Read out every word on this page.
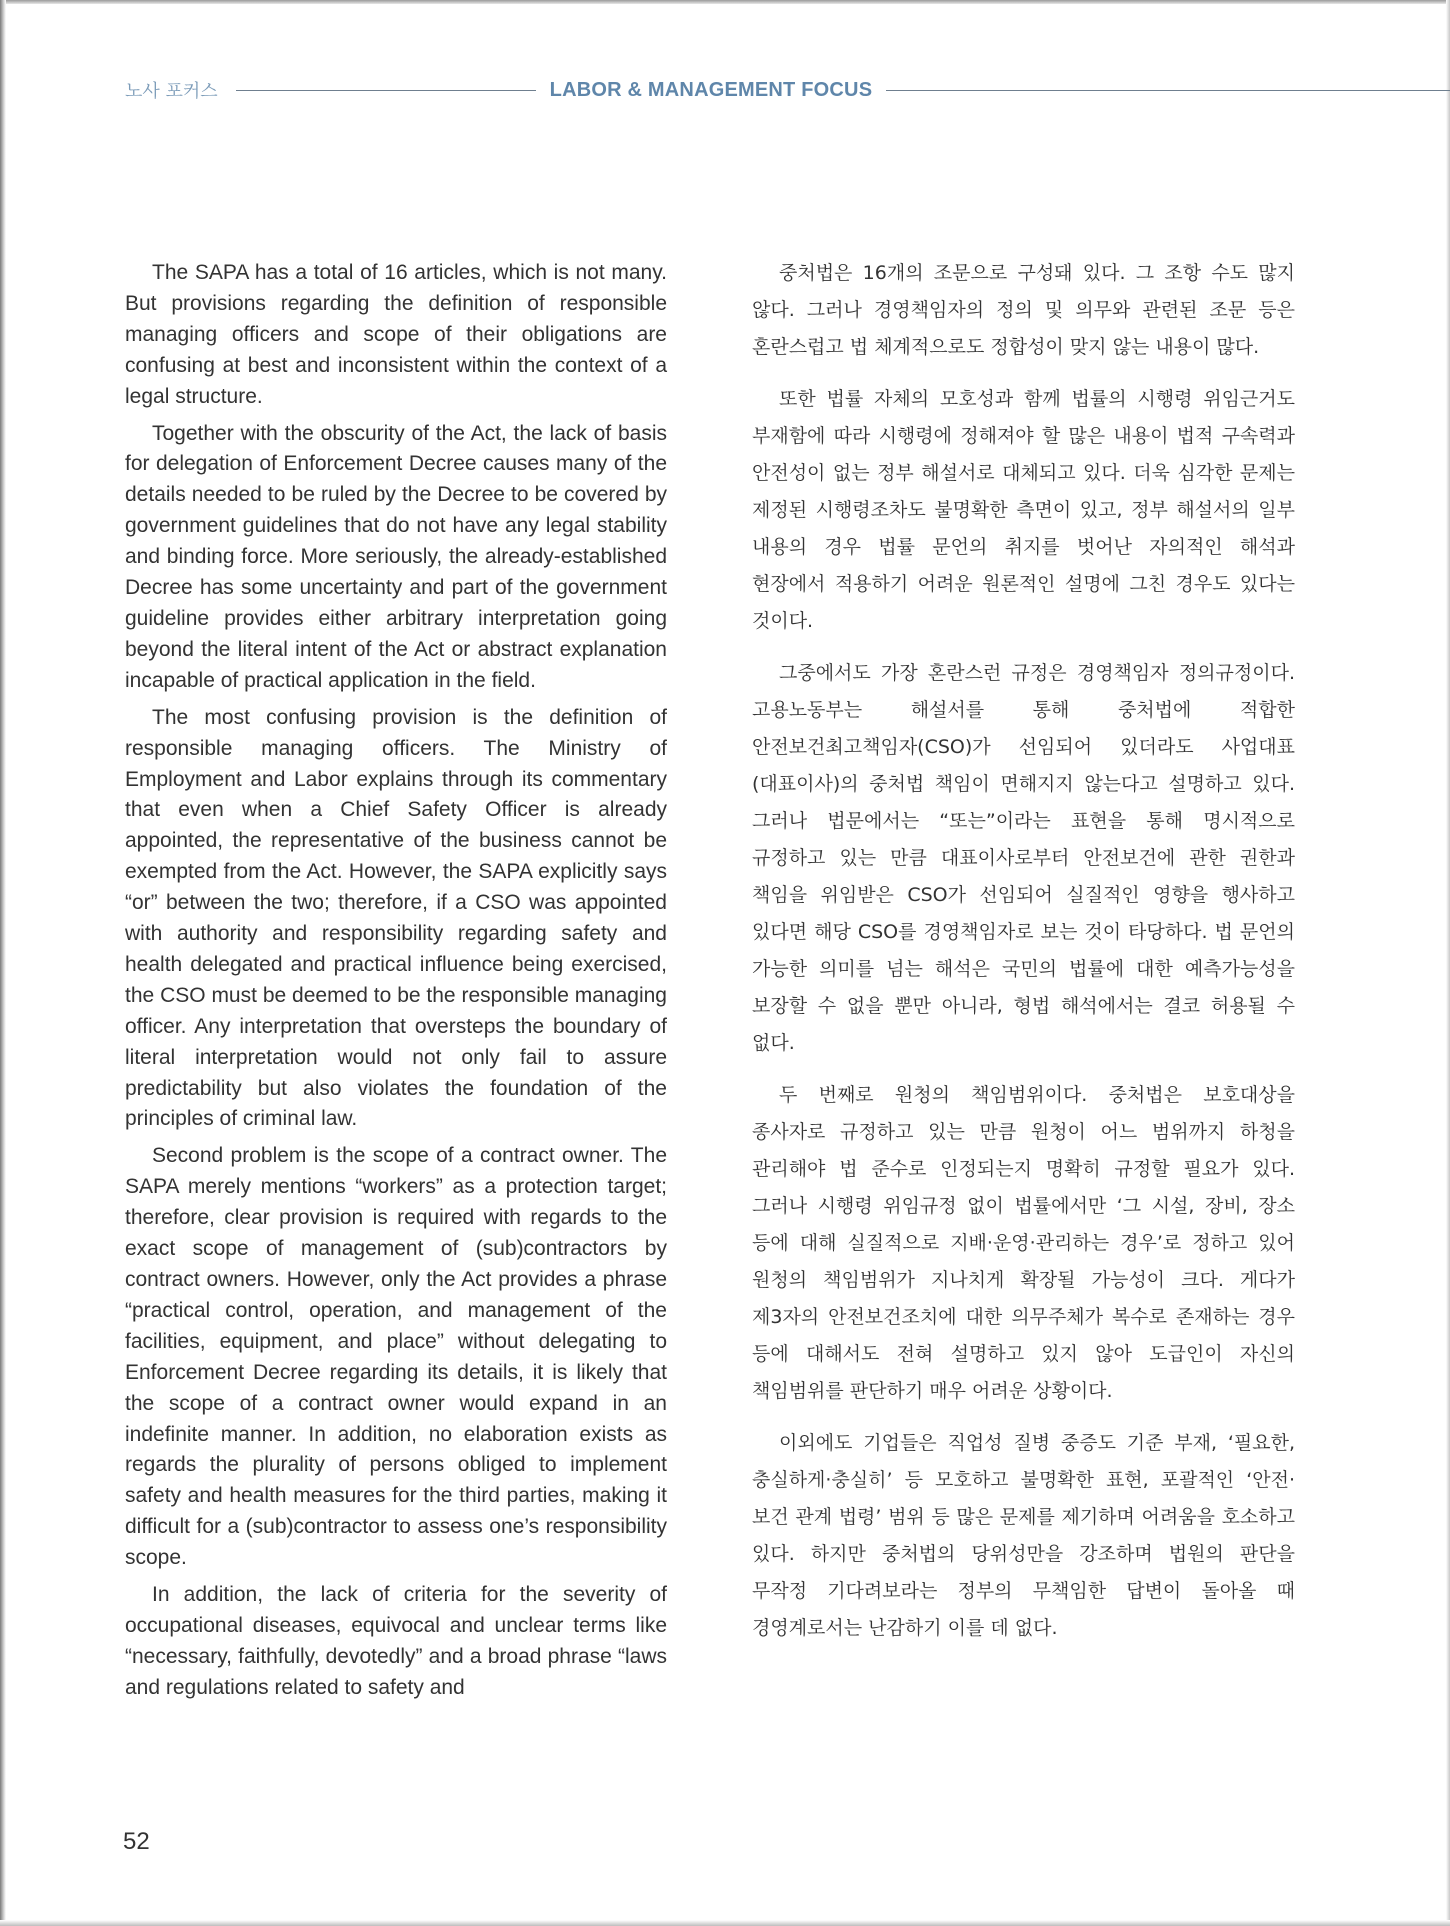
노사 포커스	LABOR & MANAGEMENT FOCUS

The SAPA has a total of 16 articles, which is not many. But provisions regarding the definition of responsible managing officers and scope of their obligations are confusing at best and inconsistent within the context of a legal structure.

Together with the obscurity of the Act, the lack of basis for delegation of Enforcement Decree causes many of the details needed to be ruled by the Decree to be covered by government guidelines that do not have any legal stability and binding force. More seriously, the already-established Decree has some uncertainty and part of the government guideline provides either arbitrary interpretation going beyond the literal intent of the Act or abstract explanation incapable of practical application in the field.

The most confusing provision is the definition of responsible managing officers. The Ministry of Employment and Labor explains through its commentary that even when a Chief Safety Officer is already appointed, the representative of the business cannot be exempted from the Act. However, the SAPA explicitly says “or” between the two; therefore, if a CSO was appointed with authority and responsibility regarding safety and health delegated and practical influence being exercised, the CSO must be deemed to be the responsible managing officer. Any interpretation that oversteps the boundary of literal interpretation would not only fail to assure predictability but also violates the foundation of the principles of criminal law.

Second problem is the scope of a contract owner. The SAPA merely mentions “workers” as a protection target; therefore, clear provision is required with regards to the exact scope of management of (sub)contractors by contract owners. However, only the Act provides a phrase “practical control, operation, and management of the facilities, equipment, and place” without delegating to Enforcement Decree regarding its details, it is likely that the scope of a contract owner would expand in an indefinite manner. In addition, no elaboration exists as regards the plurality of persons obliged to implement safety and health measures for the third parties, making it difficult for a (sub)contractor to assess one’s responsibility scope.

In addition, the lack of criteria for the severity of occupational diseases, equivocal and unclear terms like “necessary, faithfully, devotedly” and a broad phrase “laws and regulations related to safety and

중처법은 16개의 조문으로 구성돼 있다. 그 조항 수도 많지 않다. 그러나 경영책임자의 정의 및 의무와 관련된 조문 등은 혼란스럽고 법 체계적으로도 정합성이 맞지 않는 내용이 많다.

또한 법률 자체의 모호성과 함께 법률의 시행령 위임근거도 부재함에 따라 시행령에 정해져야 할 많은 내용이 법적 구속력과 안전성이 없는 정부 해설서로 대체되고 있다. 더욱 심각한 문제는 제정된 시행령조차도 불명확한 측면이 있고, 정부 해설서의 일부 내용의 경우 법률 문언의 취지를 벗어난 자의적인 해석과 현장에서 적용하기 어려운 원론적인 설명에 그친 경우도 있다는 것이다.

그중에서도 가장 혼란스런 규정은 경영책임자 정의규정이다. 고용노동부는 해설서를 통해 중처법에 적합한 안전보건최고책임자(CSO)가 선임되어 있더라도 사업대표(대표이사)의 중처법 책임이 면해지지 않는다고 설명하고 있다. 그러나 법문에서는 “또는”이라는 표현을 통해 명시적으로 규정하고 있는 만큼 대표이사로부터 안전보건에 관한 권한과 책임을 위임받은 CSO가 선임되어 실질적인 영향을 행사하고 있다면 해당 CSO를 경영책임자로 보는 것이 타당하다. 법 문언의 가능한 의미를 넘는 해석은 국민의 법률에 대한 예측가능성을 보장할 수 없을 뿐만 아니라, 형법 해석에서는 결코 허용될 수 없다.

두 번째로 원청의 책임범위이다. 중처법은 보호대상을 종사자로 규정하고 있는 만큼 원청이 어느 범위까지 하청을 관리해야 법 준수로 인정되는지 명확히 규정할 필요가 있다. 그러나 시행령 위임규정 없이 법률에서만 ‘그 시설, 장비, 장소 등에 대해 실질적으로 지배·운영·관리하는 경우’로 정하고 있어 원청의 책임범위가 지나치게 확장될 가능성이 크다. 게다가 제3자의 안전보건조치에 대한 의무주체가 복수로 존재하는 경우 등에 대해서도 전혀 설명하고 있지 않아 도급인이 자신의 책임범위를 판단하기 매우 어려운 상황이다.

이외에도 기업들은 직업성 질병 중증도 기준 부재, ‘필요한, 충실하게·충실히’ 등 모호하고 불명확한 표현, 포괄적인 ‘안전·보건 관계 법령’ 범위 등 많은 문제를 제기하며 어려움을 호소하고 있다. 하지만 중처법의 당위성만을 강조하며 법원의 판단을 무작정 기다려보라는 정부의 무책임한 답변이 돌아올 때 경영계로서는 난감하기 이를 데 없다.

52
